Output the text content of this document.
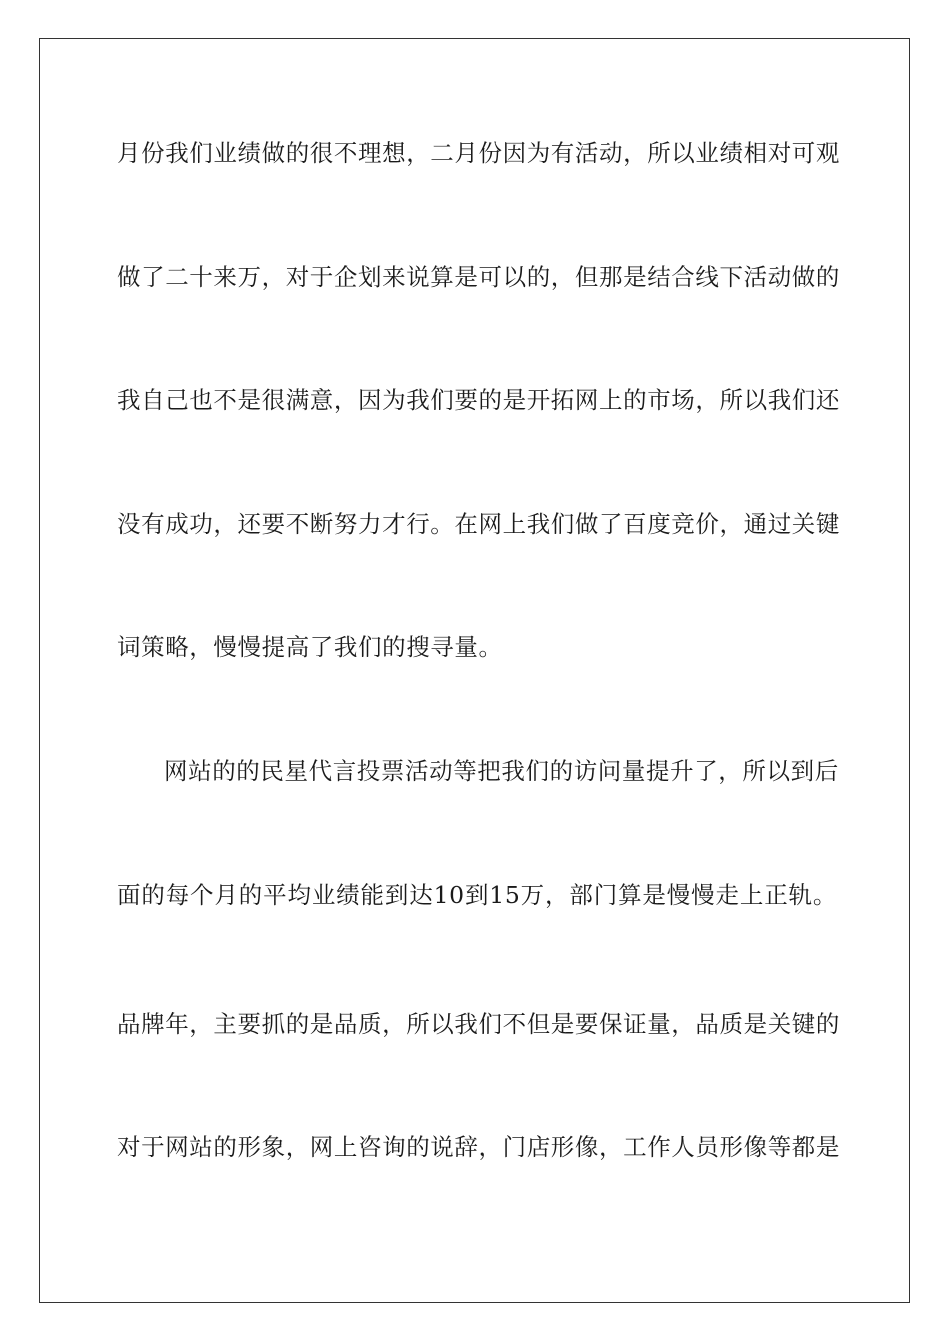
月份我们业绩做的很不理想，二月份因为有活动，所以业绩相对可观
做了二十来万，对于企划来说算是可以的，但那是结合线下活动做的
我自己也不是很满意，因为我们要的是开拓网上的市场，所以我们还
没有成功，还要不断努力才行。在网上我们做了百度竞价，通过关键
词策略，慢慢提高了我们的搜寻量。
网站的的民星代言投票活动等把我们的访问量提升了，所以到后
面的每个月的平均业绩能到达10到15万，部门算是慢慢走上正轨。
品牌年，主要抓的是品质，所以我们不但是要保证量，品质是关键的
对于网站的形象，网上咨询的说辞，门店形像，工作人员形像等都是
